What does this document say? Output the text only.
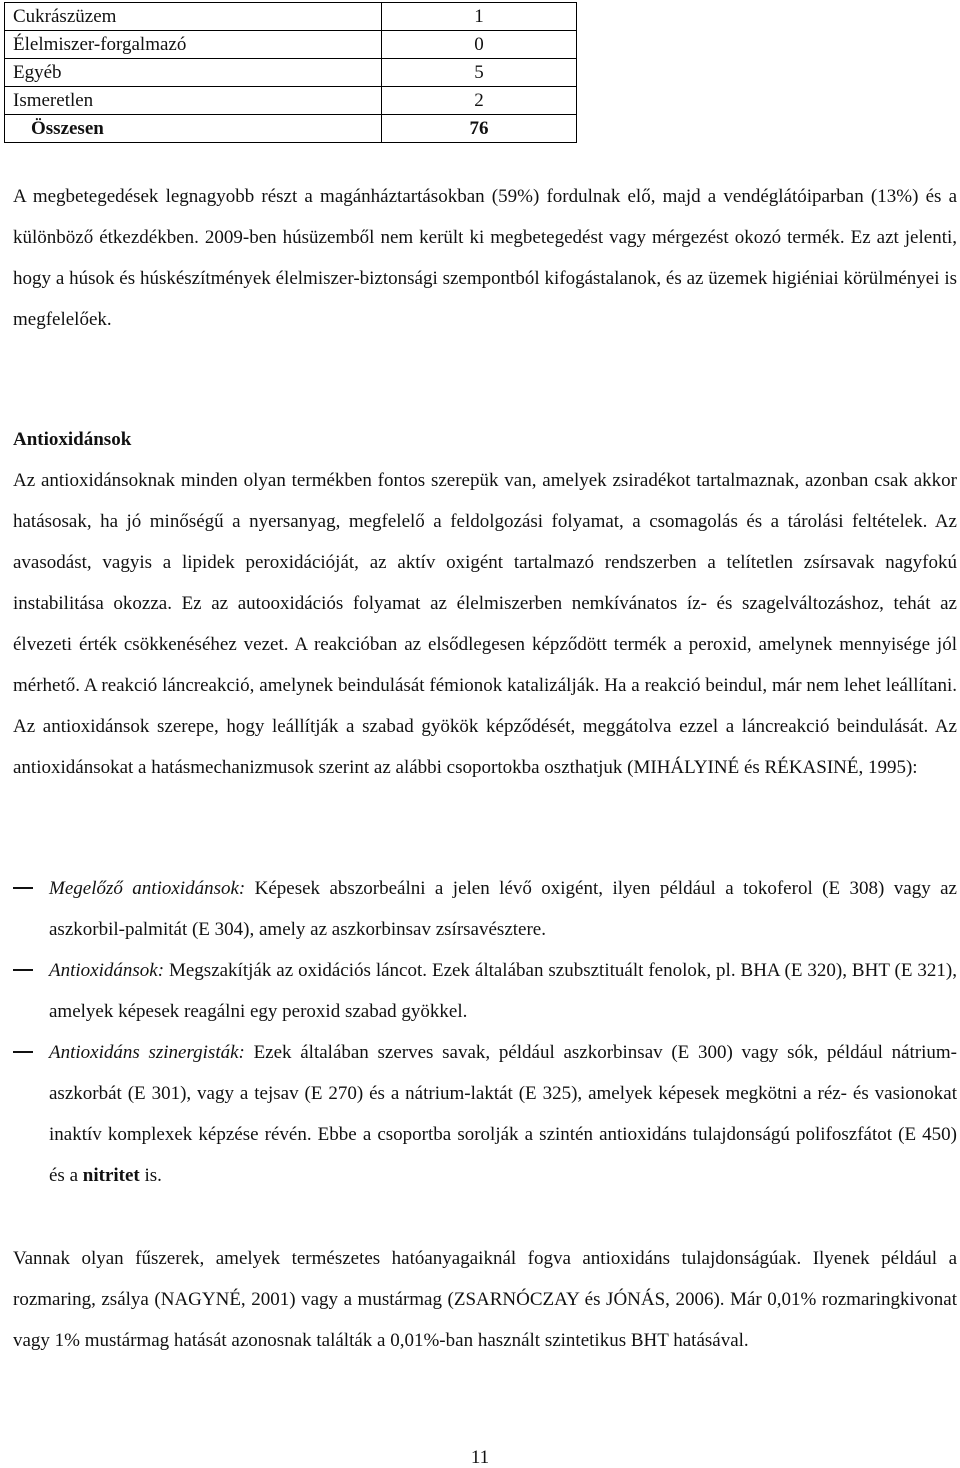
Cukrászüzem	1
Élelmiszer-forgalmazó	0
Egyéb	5
Ismeretlen	2
Összesen	76

A megbetegedések legnagyobb részt a magánháztartásokban (59%) fordulnak elő, majd a vendéglátóiparban (13%) és a különböző étkezdékben. 2009-ben húsüzemből nem került ki megbetegedést vagy mérgezést okozó termék. Ez azt jelenti, hogy a húsok és húskészítmények élelmiszer-biztonsági szempontból kifogástalanok, és az üzemek higiéniai körülményei is megfelelőek.

Antioxidánsok

Az antioxidánsoknak minden olyan termékben fontos szerepük van, amelyek zsiradékot tartalmaznak, azonban csak akkor hatásosak, ha jó minőségű a nyersanyag, megfelelő a feldolgozási folyamat, a csomagolás és a tárolási feltételek. Az avasodást, vagyis a lipidek peroxidációját, az aktív oxigént tartalmazó rendszerben a telítetlen zsírsavak nagyfokú instabilitása okozza. Ez az autooxidációs folyamat az élelmiszerben nemkívánatos íz- és szagelváltozáshoz, tehát az élvezeti érték csökkenéséhez vezet. A reakcióban az elsődlegesen képződött termék a peroxid, amelynek mennyisége jól mérhető. A reakció láncreakció, amelynek beindulását fémionok katalizálják. Ha a reakció beindul, már nem lehet leállítani. Az antioxidánsok szerepe, hogy leállítják a szabad gyökök képződését, meggátolva ezzel a láncreakció beindulását. Az antioxidánsokat a hatásmechanizmusok szerint az alábbi csoportokba oszthatjuk (MIHÁLYINÉ és RÉKASINÉ, 1995):

Megelőző antioxidánsok: Képesek abszorbeálni a jelen lévő oxigént, ilyen például a tokoferol (E 308) vagy az aszkorbil-palmitát (E 304), amely az aszkorbinsav zsírsavésztere.
Antioxidánsok: Megszakítják az oxidációs láncot. Ezek általában szubsztituált fenolok, pl. BHA (E 320), BHT (E 321), amelyek képesek reagálni egy peroxid szabad gyökkel.
Antioxidáns szinergisták: Ezek általában szerves savak, például aszkorbinsav (E 300) vagy sók, például nátrium-aszkorbát (E 301), vagy a tejsav (E 270) és a nátrium-laktát (E 325), amelyek képesek megkötni a réz- és vasionokat inaktív komplexek képzése révén. Ebbe a csoportba sorolják a szintén antioxidáns tulajdonságú polifoszfátot (E 450) és a nitritet is.

Vannak olyan fűszerek, amelyek természetes hatóanyagaiknál fogva antioxidáns tulajdonságúak. Ilyenek például a rozmaring, zsálya (NAGYNÉ, 2001) vagy a mustármag (ZSARNÓCZAY és JÓNÁS, 2006). Már 0,01% rozmaringkivonat vagy 1% mustármag hatását azonosnak találták a 0,01%-ban használt szintetikus BHT hatásával.

11
